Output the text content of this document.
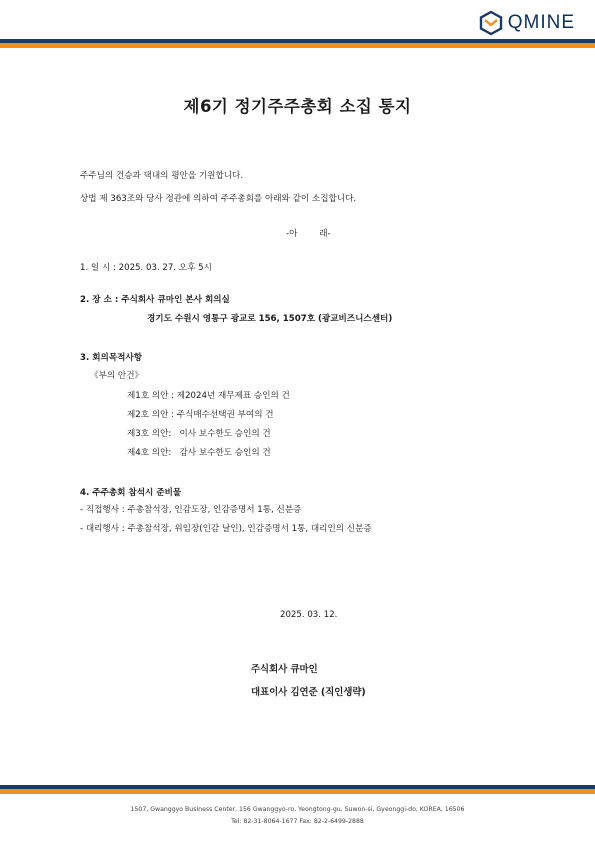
QMINE
제6기 정기주주총회 소집 통지
주주님의 건승과 댁내의 평안을 기원합니다.
상법 제 363조와 당사 정관에 의하여 주주총회를 아래와 같이 소집합니다.
-아        래-
1. 일 시 : 2025. 03. 27. 오후 5시
2. 장 소 : 주식회사 큐마인 본사 회의실
경기도 수원시 영통구 광교로 156, 1507호 (광교비즈니스센터)
3. 회의목적사항
《부의 안건》
제1호 의안 : 제2024년 재무제표 승인의 건
제2호 의안 : 주식매수선택권 부여의 건
제3호 의안:   이사 보수한도 승인의 건
제4호 의안:   감사 보수한도 승인의 건
4. 주주총회 참석시 준비물
- 직접행사 : 주총참석장, 인감도장, 인감증명서 1통, 신분증
- 대리행사 : 주총참석장, 위임장(인감 날인), 인감증명서 1통, 대리인의 신분증
2025. 03. 12.
주식회사 큐마인
대표이사 김연준 (직인생략)
1507, Gwanggyo Business Center, 156 Gwanggyo-ro, Yeongtong-gu, Suwon-si, Gyeonggi-do, KOREA, 16506
Tel: 82-31-8064-1677 Fax: 82-2-6499-2888
